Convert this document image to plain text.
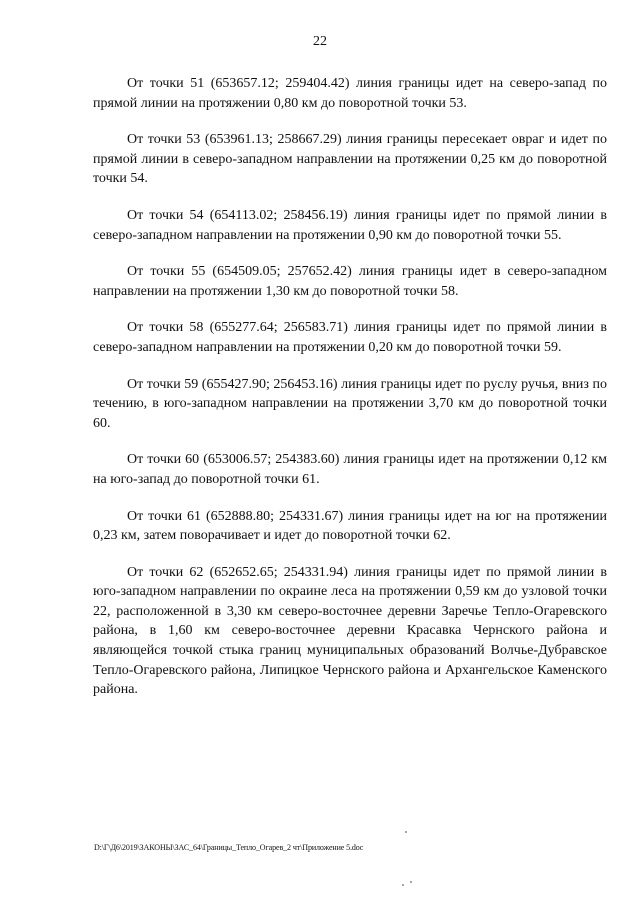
22

От точки 51 (653657.12; 259404.42) линия границы идет на северо-запад по прямой линии на протяжении 0,80 км до поворотной точки 53.

От точки 53 (653961.13; 258667.29) линия границы пересекает овраг и идет по прямой линии в северо-западном направлении на протяжении 0,25 км до поворотной точки 54.

От точки 54 (654113.02; 258456.19) линия границы идет по прямой линии в северо-западном направлении на протяжении 0,90 км до поворотной точки 55.

От точки 55 (654509.05; 257652.42) линия границы идет в северо-западном направлении на протяжении 1,30 км до поворотной точки 58.

От точки 58 (655277.64; 256583.71) линия границы идет по прямой линии в северо-западном направлении на протяжении 0,20 км до поворотной точки 59.

От точки 59 (655427.90; 256453.16) линия границы идет по руслу ручья, вниз по течению, в юго-западном направлении на протяжении 3,70 км до поворотной точки 60.

От точки 60 (653006.57; 254383.60) линия границы идет на протяжении 0,12 км на юго-запад до поворотной точки 61.

От точки 61 (652888.80; 254331.67) линия границы идет на юг на протяжении 0,23 км, затем поворачивает и идет до поворотной точки 62.

От точки 62 (652652.65; 254331.94) линия границы идет по прямой линии в юго-западном направлении по окраине леса на протяжении 0,59 км до узловой точки 22, расположенной в 3,30 км северо-восточнее деревни Заречье Тепло-Огаревского района, в 1,60 км северо-восточнее деревни Красавка Чернского района и являющейся точкой стыка границ муниципальных образований Волчье-Дубравское Тепло-Огаревского района, Липицкое Чернского района и Архангельское Каменского района.

D:\Г\Д6\2019\ЗАКОНЫ\ЗАС_64\Границы_Тепло_Огарев_2 чт\Приложение 5.doc
